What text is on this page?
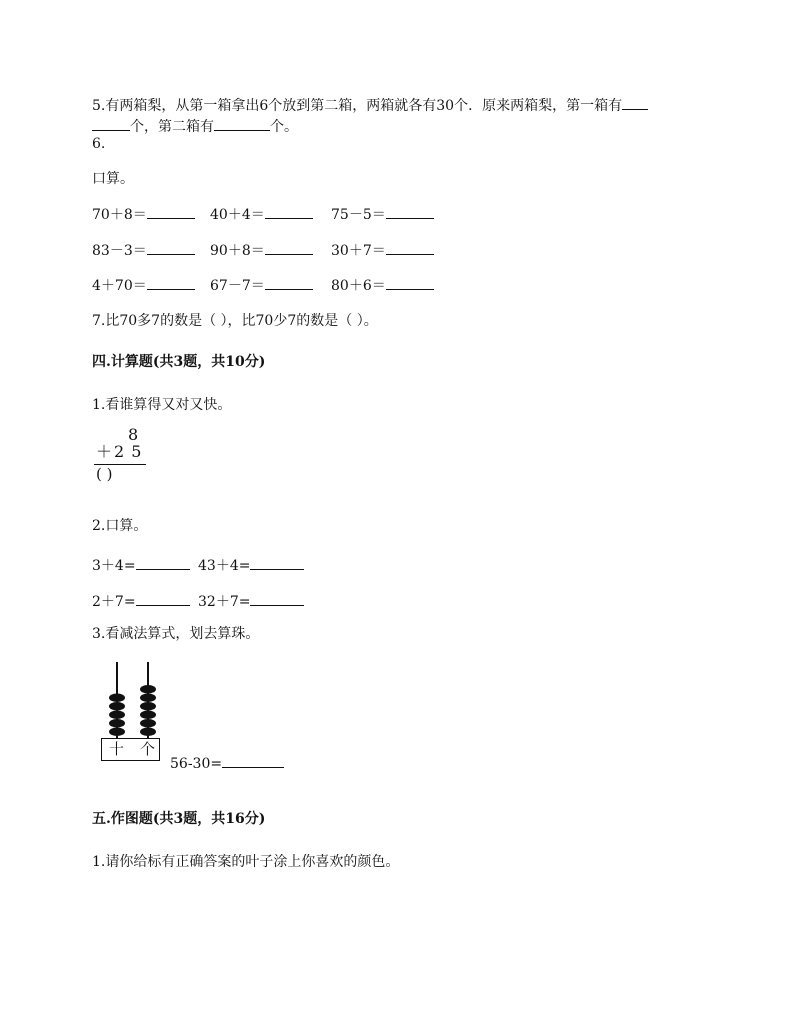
5.有两箱梨，从第一箱拿出6个放到第二箱，两箱就各有30个．原来两箱梨，第一箱有
个，第二箱有	个。
6.
口算。
70＋8＝	40＋4＝	75－5＝
83－3＝	90＋8＝	30＋7＝
4＋70＝	67－7＝	80＋6＝
7.比70多7的数是（ ），比70少7的数是（ ）。
四.计算题(共3题，共10分)
1.看谁算得又对又快。
8
＋ 2 5
( )
2.口算。
3＋4=	43＋4=
2＋7=	32＋7=
3.看减法算式，划去算珠。
十 个
56-30=
五.作图题(共3题，共16分)
1.请你给标有正确答案的叶子涂上你喜欢的颜色。
